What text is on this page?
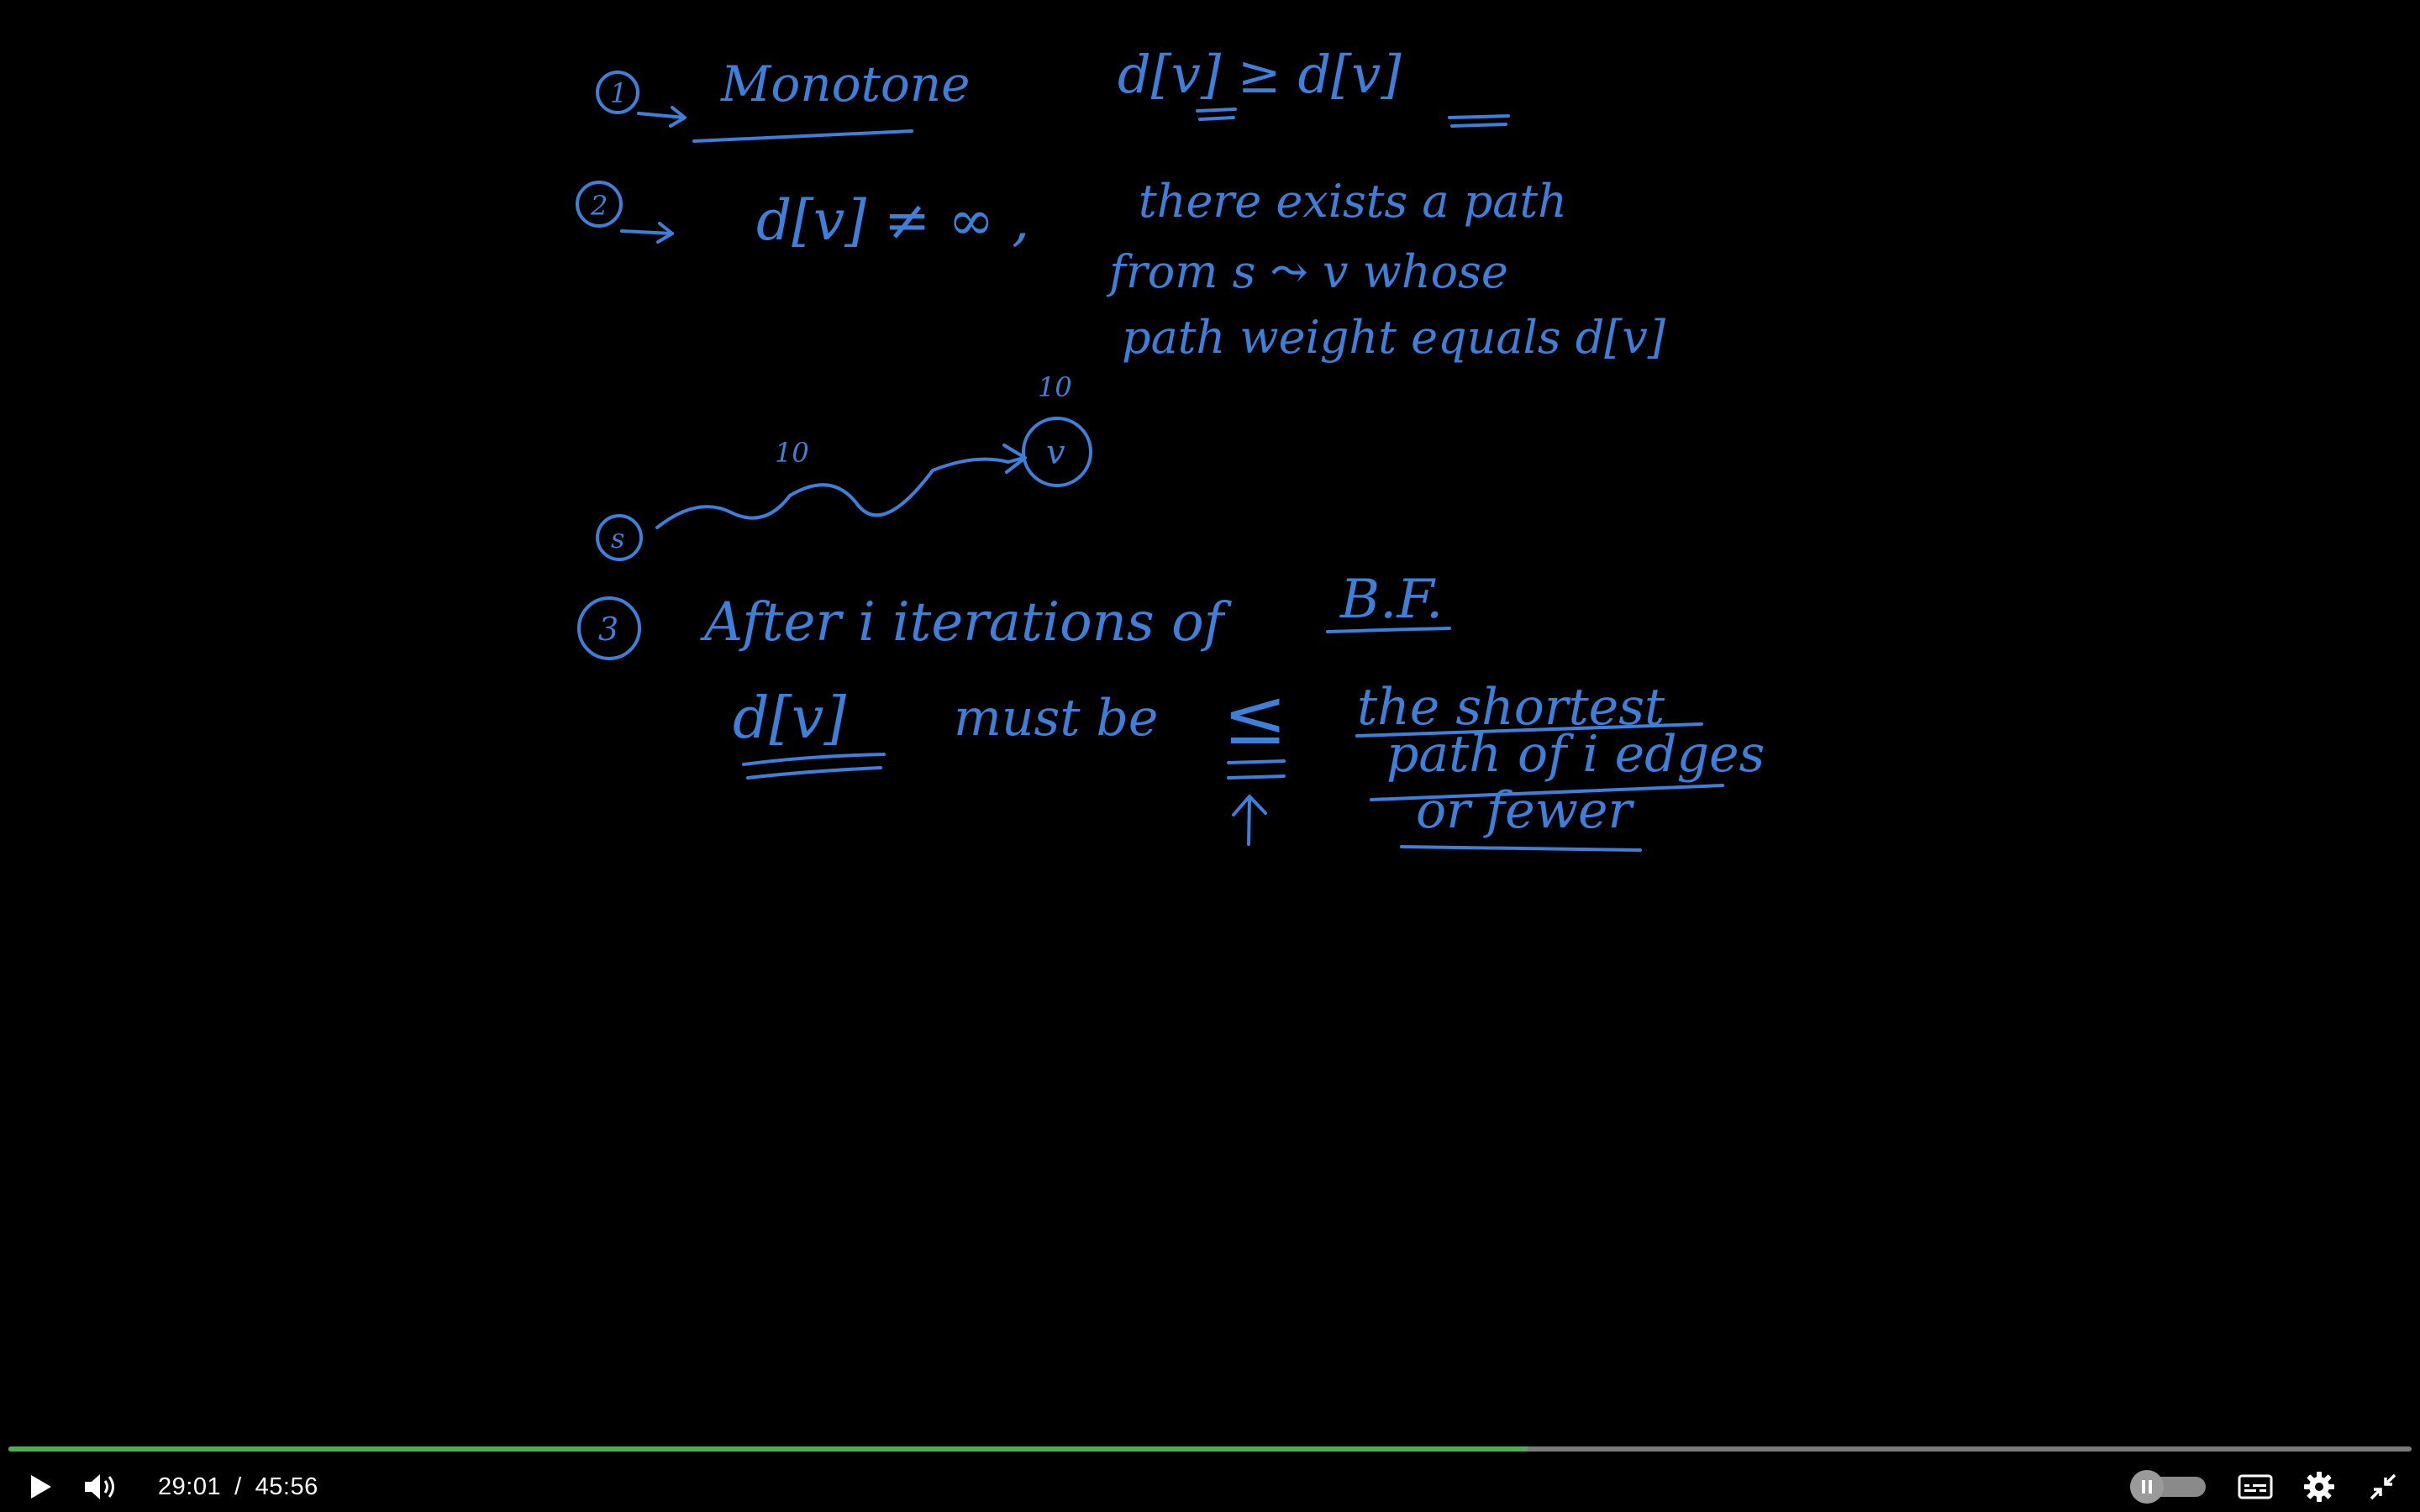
1 Monotone	d[v] ≥ d[v]
2	d[v] ≠ ∞ , there exists a path
from s ⤳ v whose
path weight equals d[v]
s
10	v
10
3 After i iterations of B.F.
d[v] must be ≤ the shortest
path of i edges
or fewer
29:01 / 45:56
